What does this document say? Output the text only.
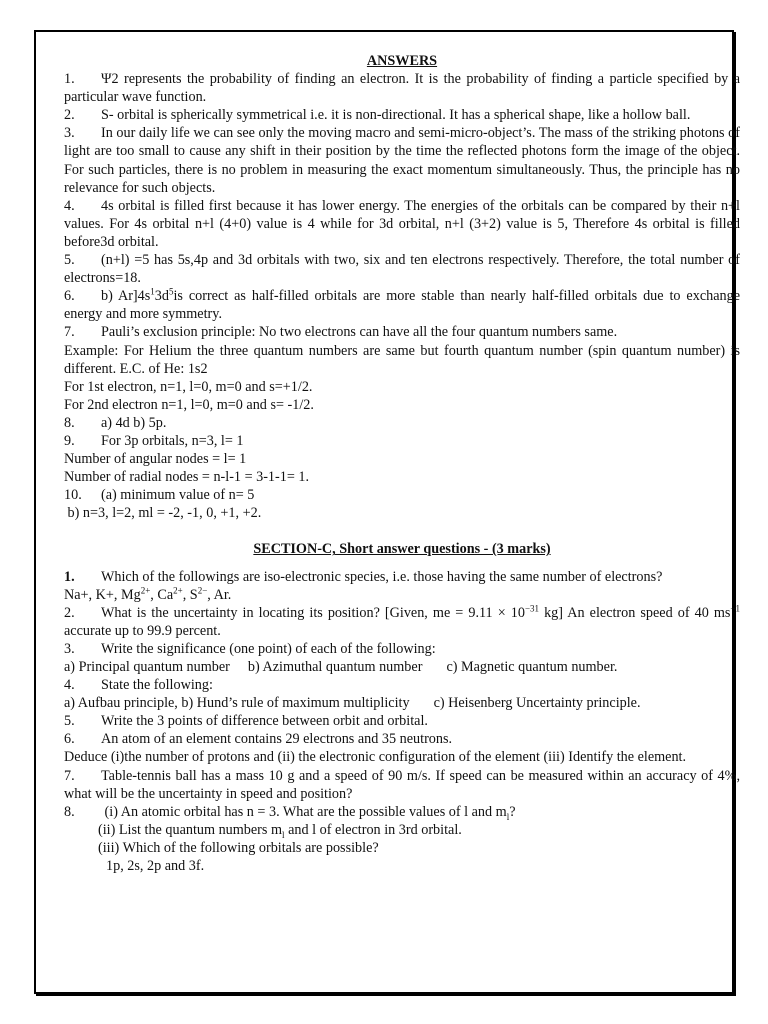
ANSWERS

1. Ψ2 represents the probability of finding an electron. It is the probability of finding a particle specified by a particular wave function.

2. S- orbital is spherically symmetrical i.e. it is non-directional. It has a spherical shape, like a hollow ball.

3. In our daily life we can see only the moving macro and semi-micro-object’s. The mass of the striking photons of light are too small to cause any shift in their position by the time the reflected photons form the image of the object. For such particles, there is no problem in measuring the exact momentum simultaneously. Thus, the principle has no relevance for such objects.

4. 4s orbital is filled first because it has lower energy. The energies of the orbitals can be compared by their n+l values. For 4s orbital n+l (4+0) value is 4 while for 3d orbital, n+l (3+2) value is 5, Therefore 4s orbital is filled before3d orbital.

5. (n+l) =5 has 5s,4p and 3d orbitals with two, six and ten electrons respectively. Therefore, the total number of electrons=18.

6. b) $Ar]4s^13d^5is$ correct as half-filled orbitals are more stable than nearly half-filled orbitals due to exchange energy and more symmetry.

7. Pauli’s exclusion principle: No two electrons can have all the four quantum numbers same.

Example: For Helium the three quantum numbers are same but fourth quantum number (spin quantum number) is different. E.C. of He: 1s2

For 1st electron, n=1, l=0, m=0 and s=+1/2.

For 2nd electron n=1, l=0, m=0 and s= -1/2.

8. a) 4d b) 5p.

9. For 3p orbitals, n=3, l= 1

Number of angular nodes = l= 1

Number of radial nodes = n-l-1 = 3-1-1= 1.

10. (a) minimum value of n= 5

b) n=3, l=2, ml = -2, -1, 0, +1, +2.

SECTION-C, Short answer questions - (3 marks)

1. Which of the followings are iso-electronic species, i.e. those having the same number of electrons?

Na+, K+, $Mg^{2+}$, $Ca^{2+}$, $S^{2-}$, Ar.

2. What is the uncertainty in locating its position? [Given, me = $9.11 \times 10^{-31}$ kg] An electron speed of 40 $ms^{-1}$ accurate up to 99.9 percent.

3. Write the significance (one point) of each of the following:

a) Principal quantum number b) Azimuthal quantum number c) Magnetic quantum number.

4. State the following:

a) Aufbau principle, b) Hund’s rule of maximum multiplicity c) Heisenberg Uncertainty principle.

5. Write the 3 points of difference between orbit and orbital.

6. An atom of an element contains 29 electrons and 35 neutrons.

Deduce (i)the number of protons and (ii) the electronic configuration of the element (iii) Identify the element.

7. Table-tennis ball has a mass 10 g and a speed of 90 m/s. If speed can be measured within an accuracy of 4%, what will be the uncertainty in speed and position?

8. (i) An atomic orbital has n = 3. What are the possible values of l and $m_l$?

(ii) List the quantum numbers $m_l$ and l of electron in 3rd orbital.

(iii) Which of the following orbitals are possible?

1p, 2s, 2p and 3f.
